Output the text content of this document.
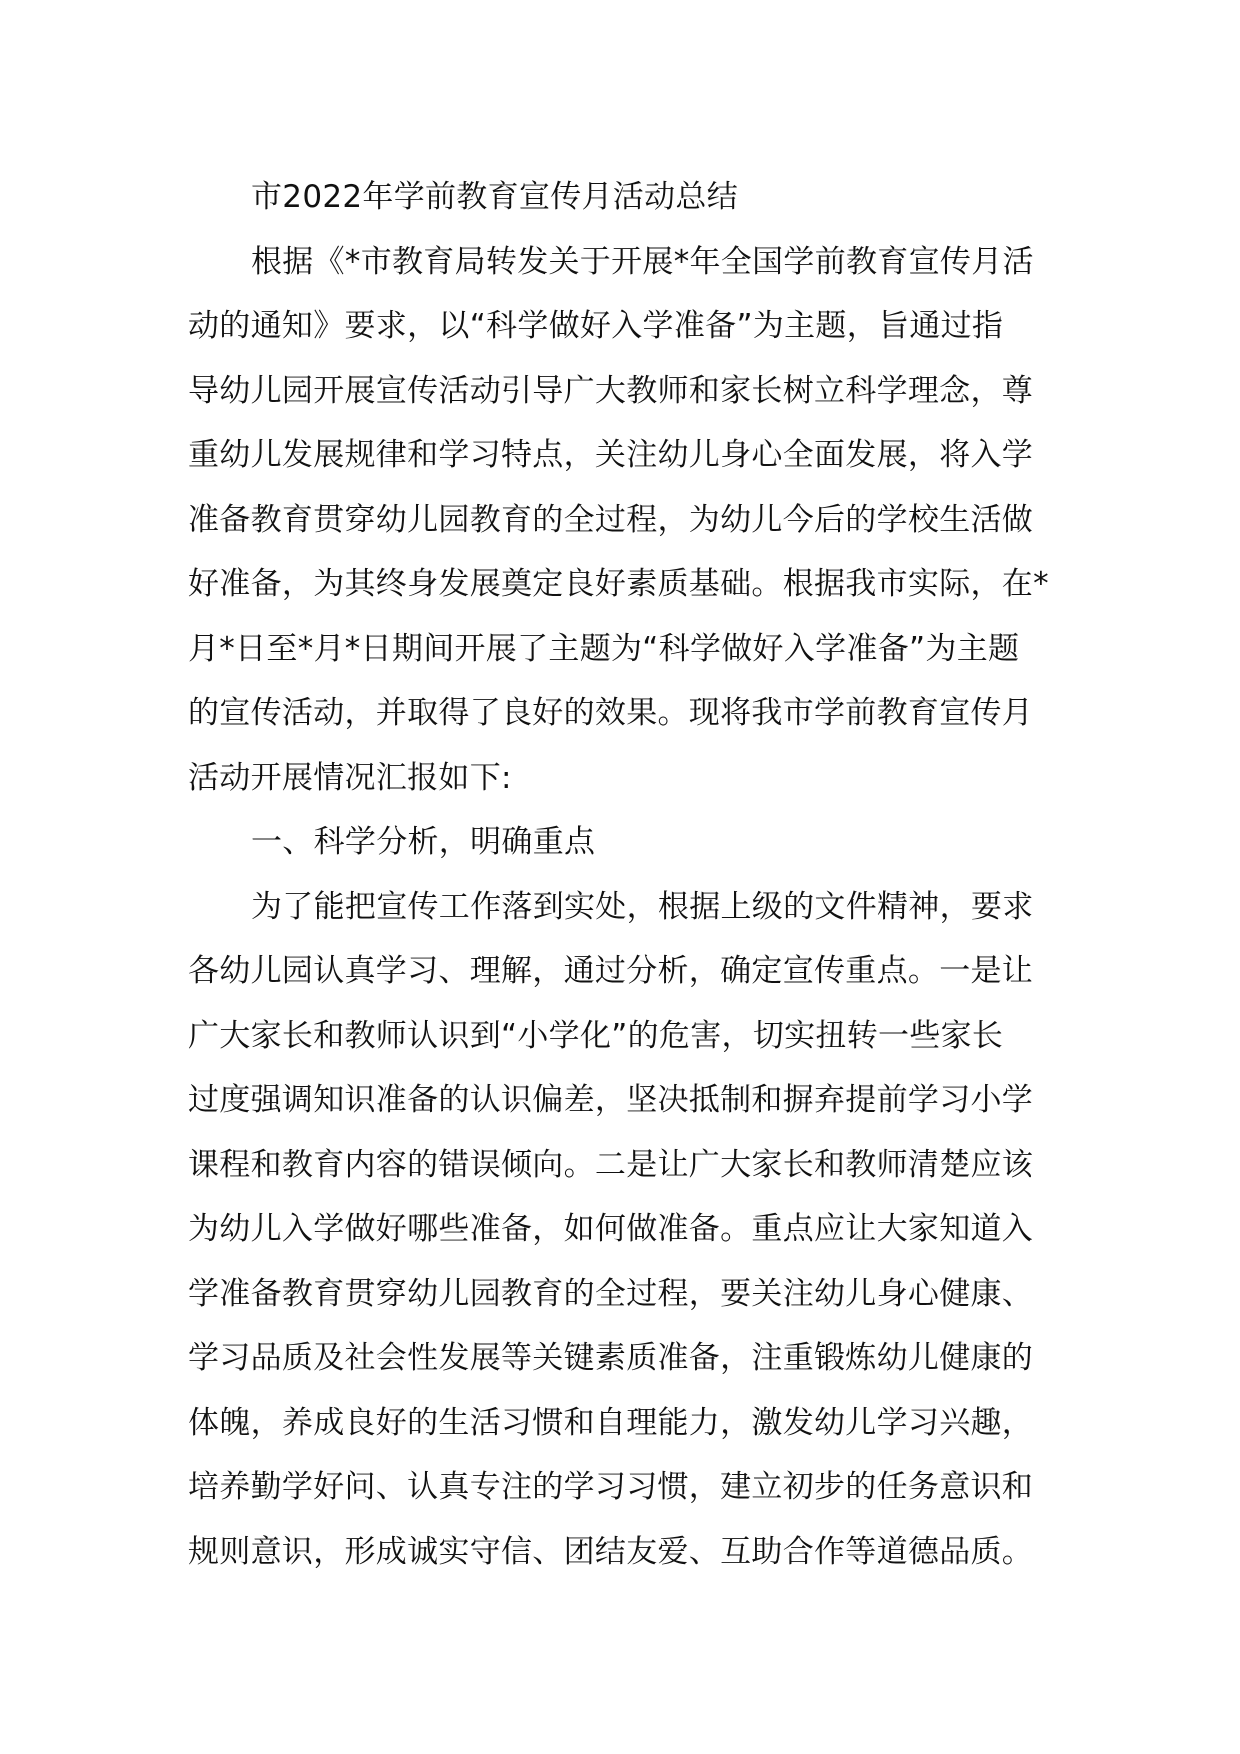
市2022年学前教育宣传月活动总结
根据《*市教育局转发关于开展*年全国学前教育宣传月活
动的通知》要求，以“科学做好入学准备”为主题，旨通过指
导幼儿园开展宣传活动引导广大教师和家长树立科学理念，尊
重幼儿发展规律和学习特点，关注幼儿身心全面发展，将入学
准备教育贯穿幼儿园教育的全过程，为幼儿今后的学校生活做
好准备，为其终身发展奠定良好素质基础。根据我市实际，在*
月*日至*月*日期间开展了主题为“科学做好入学准备”为主题
的宣传活动，并取得了良好的效果。现将我市学前教育宣传月
活动开展情况汇报如下:
一、科学分析，明确重点
为了能把宣传工作落到实处，根据上级的文件精神，要求
各幼儿园认真学习、理解，通过分析，确定宣传重点。一是让
广大家长和教师认识到“小学化”的危害，切实扭转一些家长
过度强调知识准备的认识偏差，坚决抵制和摒弃提前学习小学
课程和教育内容的错误倾向。二是让广大家长和教师清楚应该
为幼儿入学做好哪些准备，如何做准备。重点应让大家知道入
学准备教育贯穿幼儿园教育的全过程，要关注幼儿身心健康、
学习品质及社会性发展等关键素质准备，注重锻炼幼儿健康的
体魄，养成良好的生活习惯和自理能力，激发幼儿学习兴趣，
培养勤学好问、认真专注的学习习惯，建立初步的任务意识和
规则意识，形成诚实守信、团结友爱、互助合作等道德品质。
